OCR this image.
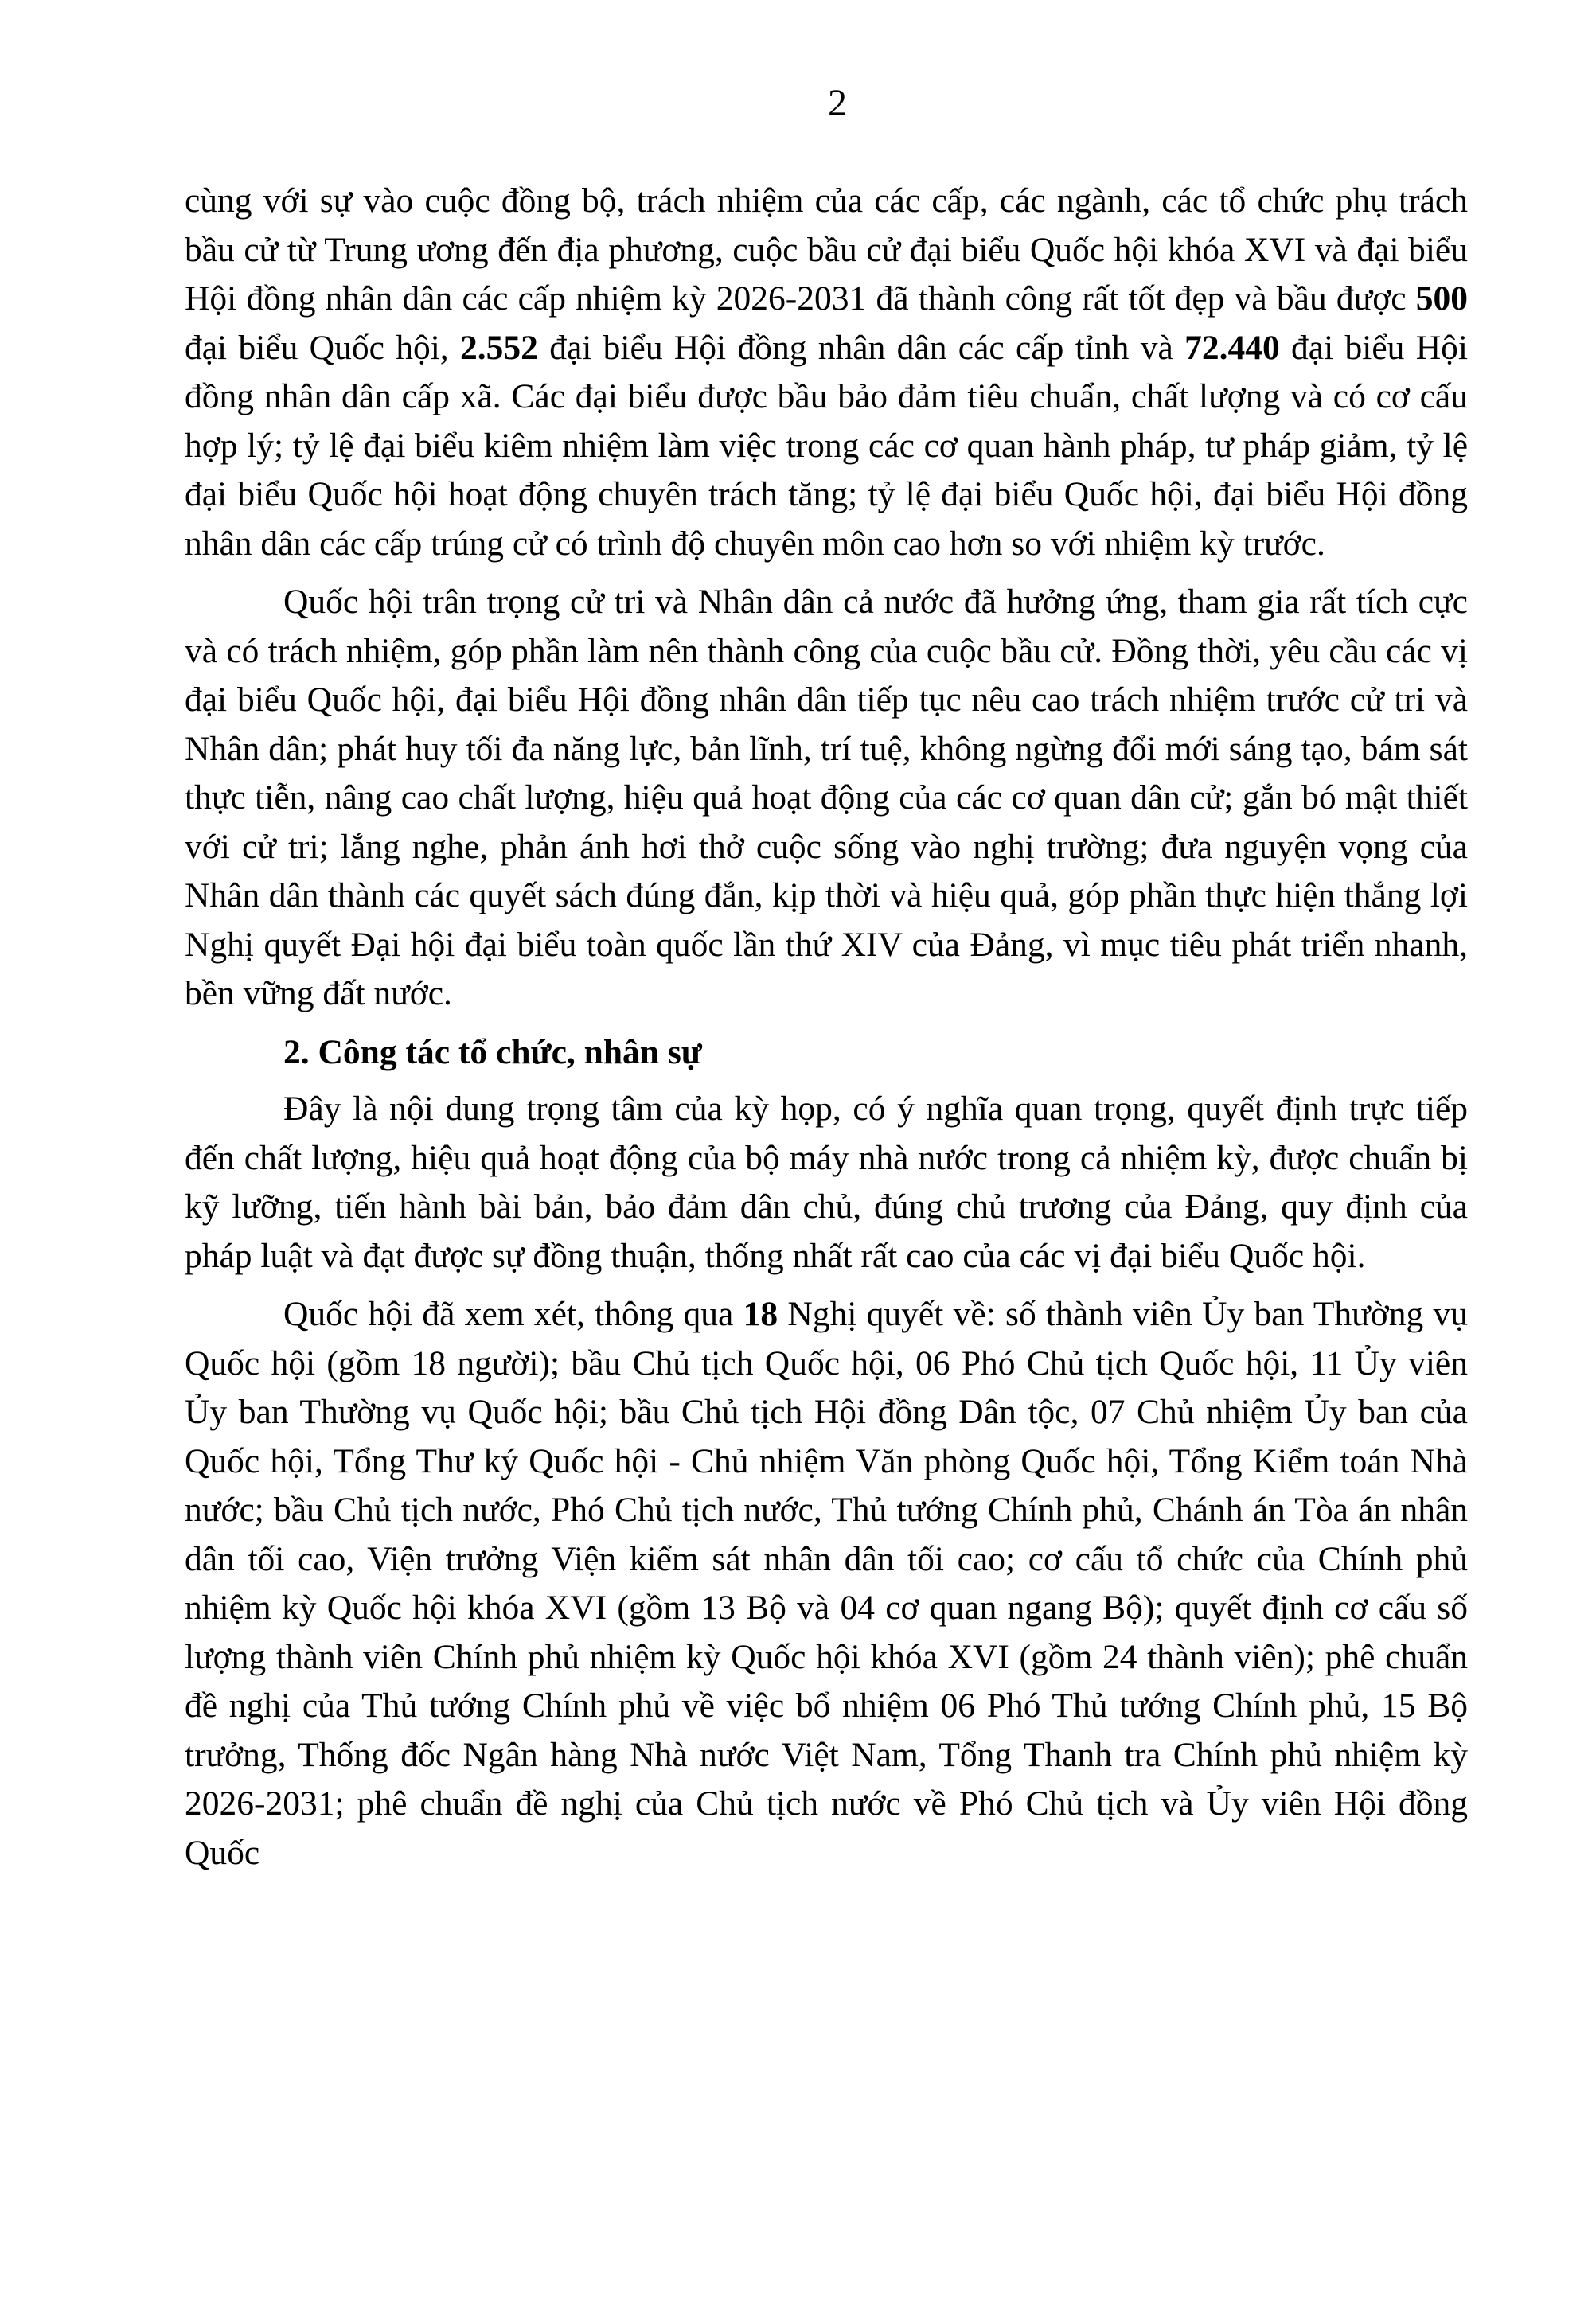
2

cùng với sự vào cuộc đồng bộ, trách nhiệm của các cấp, các ngành, các tổ chức phụ trách bầu cử từ Trung ương đến địa phương, cuộc bầu cử đại biểu Quốc hội khóa XVI và đại biểu Hội đồng nhân dân các cấp nhiệm kỳ 2026-2031 đã thành công rất tốt đẹp và bầu được 500 đại biểu Quốc hội, 2.552 đại biểu Hội đồng nhân dân các cấp tỉnh và 72.440 đại biểu Hội đồng nhân dân cấp xã. Các đại biểu được bầu bảo đảm tiêu chuẩn, chất lượng và có cơ cấu hợp lý; tỷ lệ đại biểu kiêm nhiệm làm việc trong các cơ quan hành pháp, tư pháp giảm, tỷ lệ đại biểu Quốc hội hoạt động chuyên trách tăng; tỷ lệ đại biểu Quốc hội, đại biểu Hội đồng nhân dân các cấp trúng cử có trình độ chuyên môn cao hơn so với nhiệm kỳ trước.

Quốc hội trân trọng cử tri và Nhân dân cả nước đã hưởng ứng, tham gia rất tích cực và có trách nhiệm, góp phần làm nên thành công của cuộc bầu cử. Đồng thời, yêu cầu các vị đại biểu Quốc hội, đại biểu Hội đồng nhân dân tiếp tục nêu cao trách nhiệm trước cử tri và Nhân dân; phát huy tối đa năng lực, bản lĩnh, trí tuệ, không ngừng đổi mới sáng tạo, bám sát thực tiễn, nâng cao chất lượng, hiệu quả hoạt động của các cơ quan dân cử; gắn bó mật thiết với cử tri; lắng nghe, phản ánh hơi thở cuộc sống vào nghị trường; đưa nguyện vọng của Nhân dân thành các quyết sách đúng đắn, kịp thời và hiệu quả, góp phần thực hiện thắng lợi Nghị quyết Đại hội đại biểu toàn quốc lần thứ XIV của Đảng, vì mục tiêu phát triển nhanh, bền vững đất nước.

2. Công tác tổ chức, nhân sự

Đây là nội dung trọng tâm của kỳ họp, có ý nghĩa quan trọng, quyết định trực tiếp đến chất lượng, hiệu quả hoạt động của bộ máy nhà nước trong cả nhiệm kỳ, được chuẩn bị kỹ lưỡng, tiến hành bài bản, bảo đảm dân chủ, đúng chủ trương của Đảng, quy định của pháp luật và đạt được sự đồng thuận, thống nhất rất cao của các vị đại biểu Quốc hội.

Quốc hội đã xem xét, thông qua 18 Nghị quyết về: số thành viên Ủy ban Thường vụ Quốc hội (gồm 18 người); bầu Chủ tịch Quốc hội, 06 Phó Chủ tịch Quốc hội, 11 Ủy viên Ủy ban Thường vụ Quốc hội; bầu Chủ tịch Hội đồng Dân tộc, 07 Chủ nhiệm Ủy ban của Quốc hội, Tổng Thư ký Quốc hội - Chủ nhiệm Văn phòng Quốc hội, Tổng Kiểm toán Nhà nước; bầu Chủ tịch nước, Phó Chủ tịch nước, Thủ tướng Chính phủ, Chánh án Tòa án nhân dân tối cao, Viện trưởng Viện kiểm sát nhân dân tối cao; cơ cấu tổ chức của Chính phủ nhiệm kỳ Quốc hội khóa XVI (gồm 13 Bộ và 04 cơ quan ngang Bộ); quyết định cơ cấu số lượng thành viên Chính phủ nhiệm kỳ Quốc hội khóa XVI (gồm 24 thành viên); phê chuẩn đề nghị của Thủ tướng Chính phủ về việc bổ nhiệm 06 Phó Thủ tướng Chính phủ, 15 Bộ trưởng, Thống đốc Ngân hàng Nhà nước Việt Nam, Tổng Thanh tra Chính phủ nhiệm kỳ 2026-2031; phê chuẩn đề nghị của Chủ tịch nước về Phó Chủ tịch và Ủy viên Hội đồng Quốc
